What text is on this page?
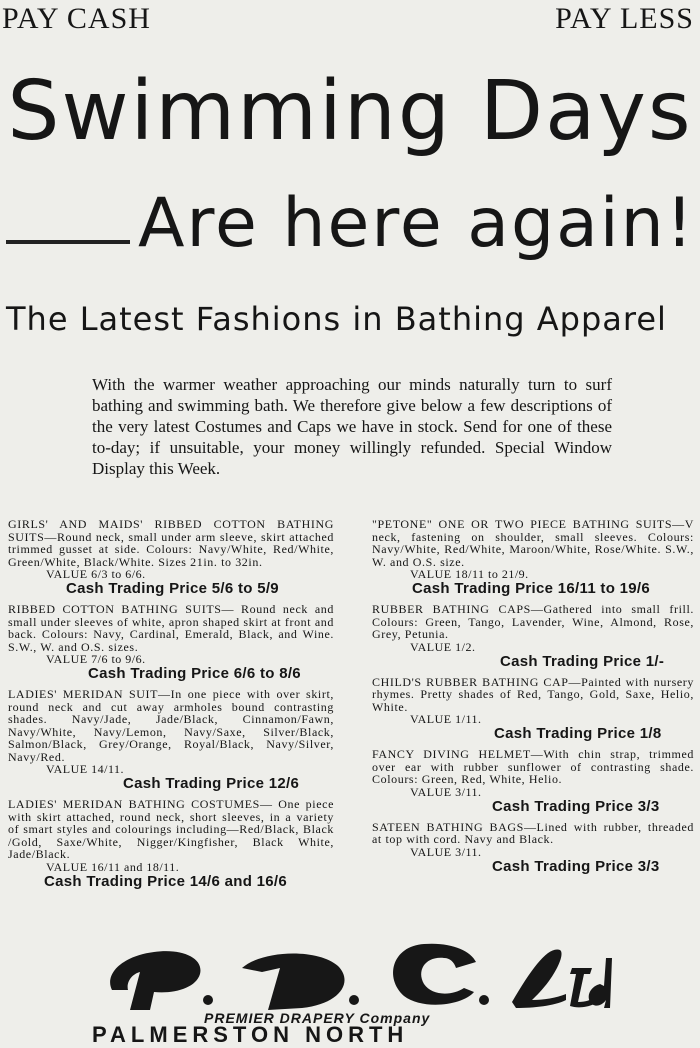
PAY CASH	PAY LESS
Swimming Days
Are here again!
The Latest Fashions in Bathing Apparel
With the warmer weather approaching our minds naturally turn to surf bathing and swimming bath. We therefore give below a few descriptions of the very latest Costumes and Caps we have in stock. Send for one of these to-day; if unsuitable, your money willingly refunded. Special Window Display this Week.
GIRLS' AND MAIDS' RIBBED COTTON BATHING SUITS—Round neck, small under arm sleeve, skirt attached trimmed gusset at side. Colours: Navy/White, Red/White, Green/White, Black/White. Sizes 21in. to 32in.
VALUE 6/3 to 6/6.
Cash Trading Price 5/6 to 5/9
RIBBED COTTON BATHING SUITS— Round neck and small under sleeves of white, apron shaped skirt at front and back. Colours: Navy, Cardinal, Emerald, Black, and Wine. S.W., W. and O.S. sizes.
VALUE 7/6 to 9/6.
Cash Trading Price 6/6 to 8/6
LADIES' MERIDAN SUIT—In one piece with over skirt, round neck and cut away armholes bound contrasting shades. Navy/Jade, Jade/Black, Cinnamon/Fawn, Navy/White, Navy/Lemon, Navy/Saxe, Silver/Black, Salmon/Black, Grey/Orange, Royal/Black, Navy/Silver, Navy/Red.
VALUE 14/11.
Cash Trading Price 12/6
LADIES' MERIDAN BATHING COSTUMES— One piece with skirt attached, round neck, short sleeves, in a variety of smart styles and colourings including—Red/Black, Black /Gold, Saxe/White, Nigger/Kingfisher, Black White, Jade/Black.
VALUE 16/11 and 18/11.
Cash Trading Price 14/6 and 16/6
"PETONE" ONE OR TWO PIECE BATHING SUITS—V neck, fastening on shoulder, small sleeves. Colours: Navy/White, Red/White, Maroon/White, Rose/White. S.W., W. and O.S. size.
VALUE 18/11 to 21/9.
Cash Trading Price 16/11 to 19/6
RUBBER BATHING CAPS—Gathered into small frill. Colours: Green, Tango, Lavender, Wine, Almond, Rose, Grey, Petunia.
VALUE 1/2.
Cash Trading Price 1/-
CHILD'S RUBBER BATHING CAP—Painted with nursery rhymes. Pretty shades of Red, Tango, Gold, Saxe, Helio, White.
VALUE 1/11.
Cash Trading Price 1/8
FANCY DIVING HELMET—With chin strap, trimmed over ear with rubber sunflower of contrasting shade. Colours: Green, Red, White, Helio.
VALUE 3/11.
Cash Trading Price 3/3
SATEEN BATHING BAGS—Lined with rubber, threaded at top with cord. Navy and Black.
VALUE 3/11.
Cash Trading Price 3/3
PREMIER DRAPERY Company
PALMERSTON NORTH
